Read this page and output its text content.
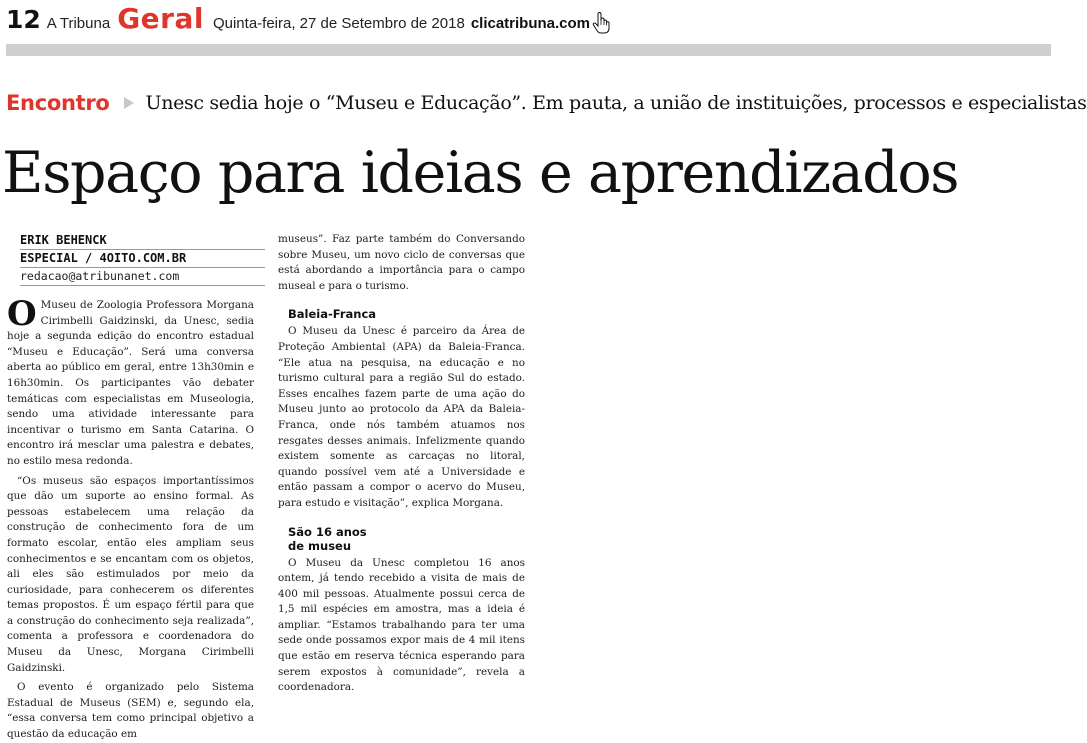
12 A Tribuna Geral Quinta-feira, 27 de Setembro de 2018 clicatribuna.com
Encontro Unesc sedia hoje o “Museu e Educação”. Em pauta, a união de instituições, processos e especialistas
Espaço para ideias e aprendizados
ERIK BEHENCK
ESPECIAL / 4OITO.COM.BR
redacao@atribunanet.com

O Museu de Zoologia Professora Morgana Cirimbelli Gaidzinski, da Unesc, sedia hoje a segunda edição do encontro estadual “Museu e Educação”. Será uma conversa aberta ao público em geral, entre 13h30min e 16h30min. Os participantes vão debater temáticas com especialistas em Museologia, sendo uma atividade interessante para incentivar o turismo em Santa Catarina. O encontro irá mesclar uma palestra e debates, no estilo mesa redonda.

“Os museus são espaços importantíssimos que dão um suporte ao ensino formal. As pessoas estabelecem uma relação da construção de conhecimento fora de um formato escolar, então eles ampliam seus conhecimentos e se encantam com os objetos, ali eles são estimulados por meio da curiosidade, para conhecerem os diferentes temas propostos. É um espaço fértil para que a construção do conhecimento seja realizada”, comenta a professora e coordenadora do Museu da Unesc, Morgana Cirimbelli Gaidzinski.

O evento é organizado pelo Sistema Estadual de Museus (SEM) e, segundo ela, “essa conversa tem como principal objetivo a questão da educação em

museus”. Faz parte também do Conversando sobre Museu, um novo ciclo de conversas que está abordando a importância para o campo museal e para o turismo.

Baleia-Franca

O Museu da Unesc é parceiro da Área de Proteção Ambiental (APA) da Baleia-Franca. “Ele atua na pesquisa, na educação e no turismo cultural para a região Sul do estado. Esses encalhes fazem parte de uma ação do Museu junto ao protocolo da APA da Baleia-Franca, onde nós também atuamos nos resgates desses animais. Infelizmente quando existem somente as carcaças no litoral, quando possível vem até a Universidade e então passam a compor o acervo do Museu, para estudo e visitação”, explica Morgana.

São 16 anos
de museu

O Museu da Unesc completou 16 anos ontem, já tendo recebido a visita de mais de 400 mil pessoas. Atualmente possui cerca de 1,5 mil espécies em amostra, mas a ideia é ampliar. “Estamos trabalhando para ter uma sede onde possamos expor mais de 4 mil itens que estão em reserva técnica esperando para serem expostos à comunidade”, revela a coordenadora.
